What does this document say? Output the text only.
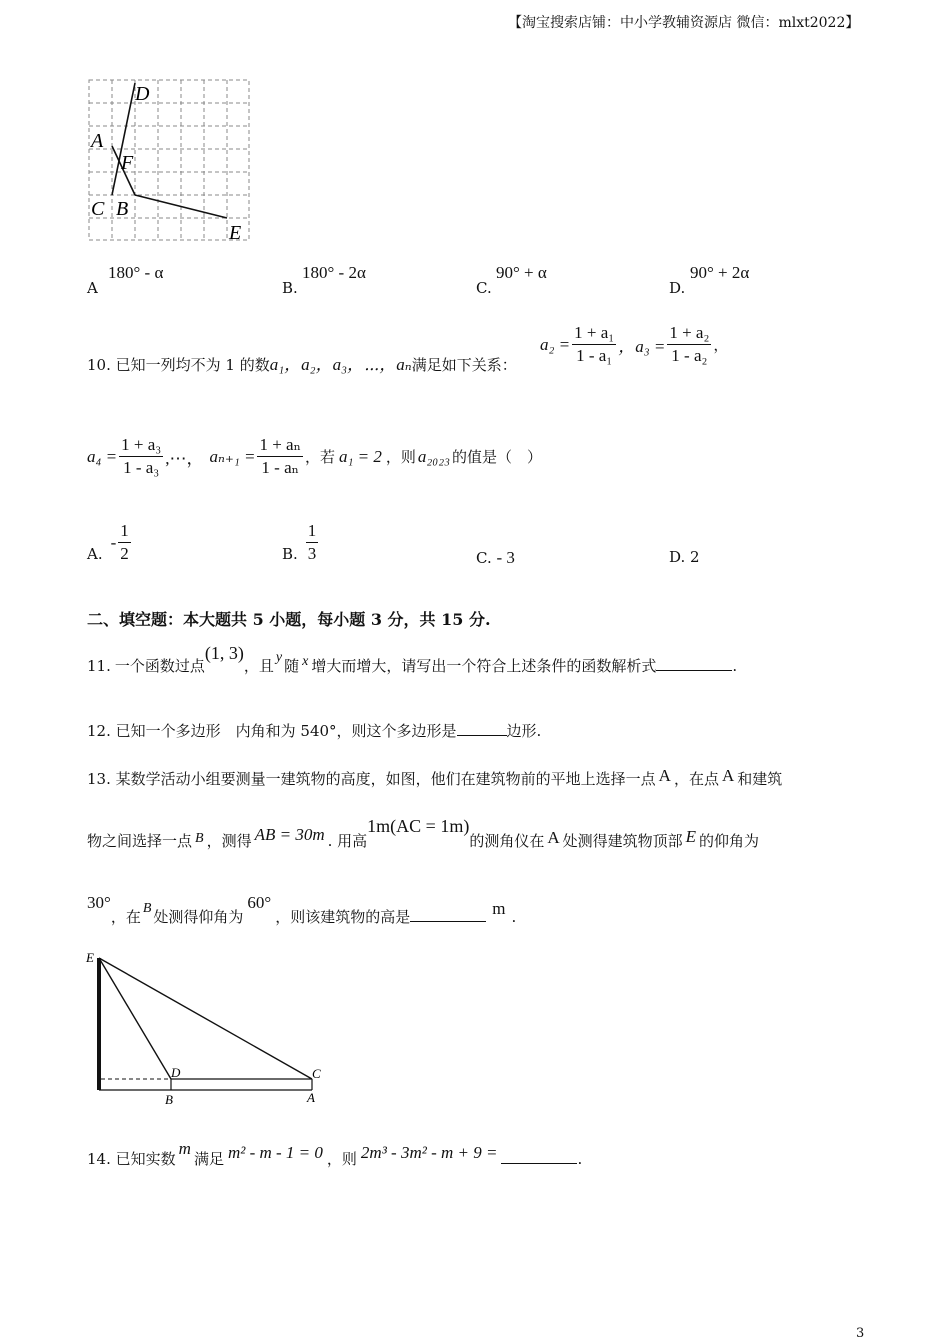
【淘宝搜索店铺：中小学教辅资源店 微信：mlxt2022】
D
A
F
C B
E
A
180° - α
B.
180° - 2α
C.
90° + α
D.
90° + 2α
10. 已知一列均不为 1 的数a₁，a₂，a₃，⋯，aₙ满足如下关系：
$a_2 = \frac{\text{1 + a₁}}{\text{1 - a₁}}$ ，$a_3 = \frac{\text{1 + a₂}}{\text{1 - a₂}}$ ，
$a_4 = \frac{\text{1 + a₃}}{\text{1 - a₃}}$ ,⋯， $a_{n+1} = \frac{\text{1 + aₙ}}{\text{1 - aₙ}}$ ，若 a₁ = 2 ，则 a₂₀₂₃ 的值是（　）
A.
- $\frac{1}{2}$	B. $\frac{1}{3}$	C. - 3	D. 2
二、填空题：本大题共 5 小题，每小题 3 分，共 15 分.
11. 一个函数过点
(1, 3)
，且 y 随 x 增大而增大，请写出一个符合上述条件的函数解析式	.
12. 已知一个多边形　内角和为 540°，则这个多边形是	边形.
13. 某数学活动小组要测量一建筑物的高度，如图，他们在建筑物前的平地上选择一点 A ，在点 A 和建筑
物之间选择一点 B ，测得 AB = 30m . 用高1m(AC = 1m)的测角仪在 A 处测得建筑物顶部 E 的仰角为
30°，在 B 处测得仰角为60°，则该建筑物的高是	m .
E
D	C
B	A
14. 已知实数m满足 m² - m - 1 = 0 ，则 2m³ - 3m² - m + 9 =	.
3
